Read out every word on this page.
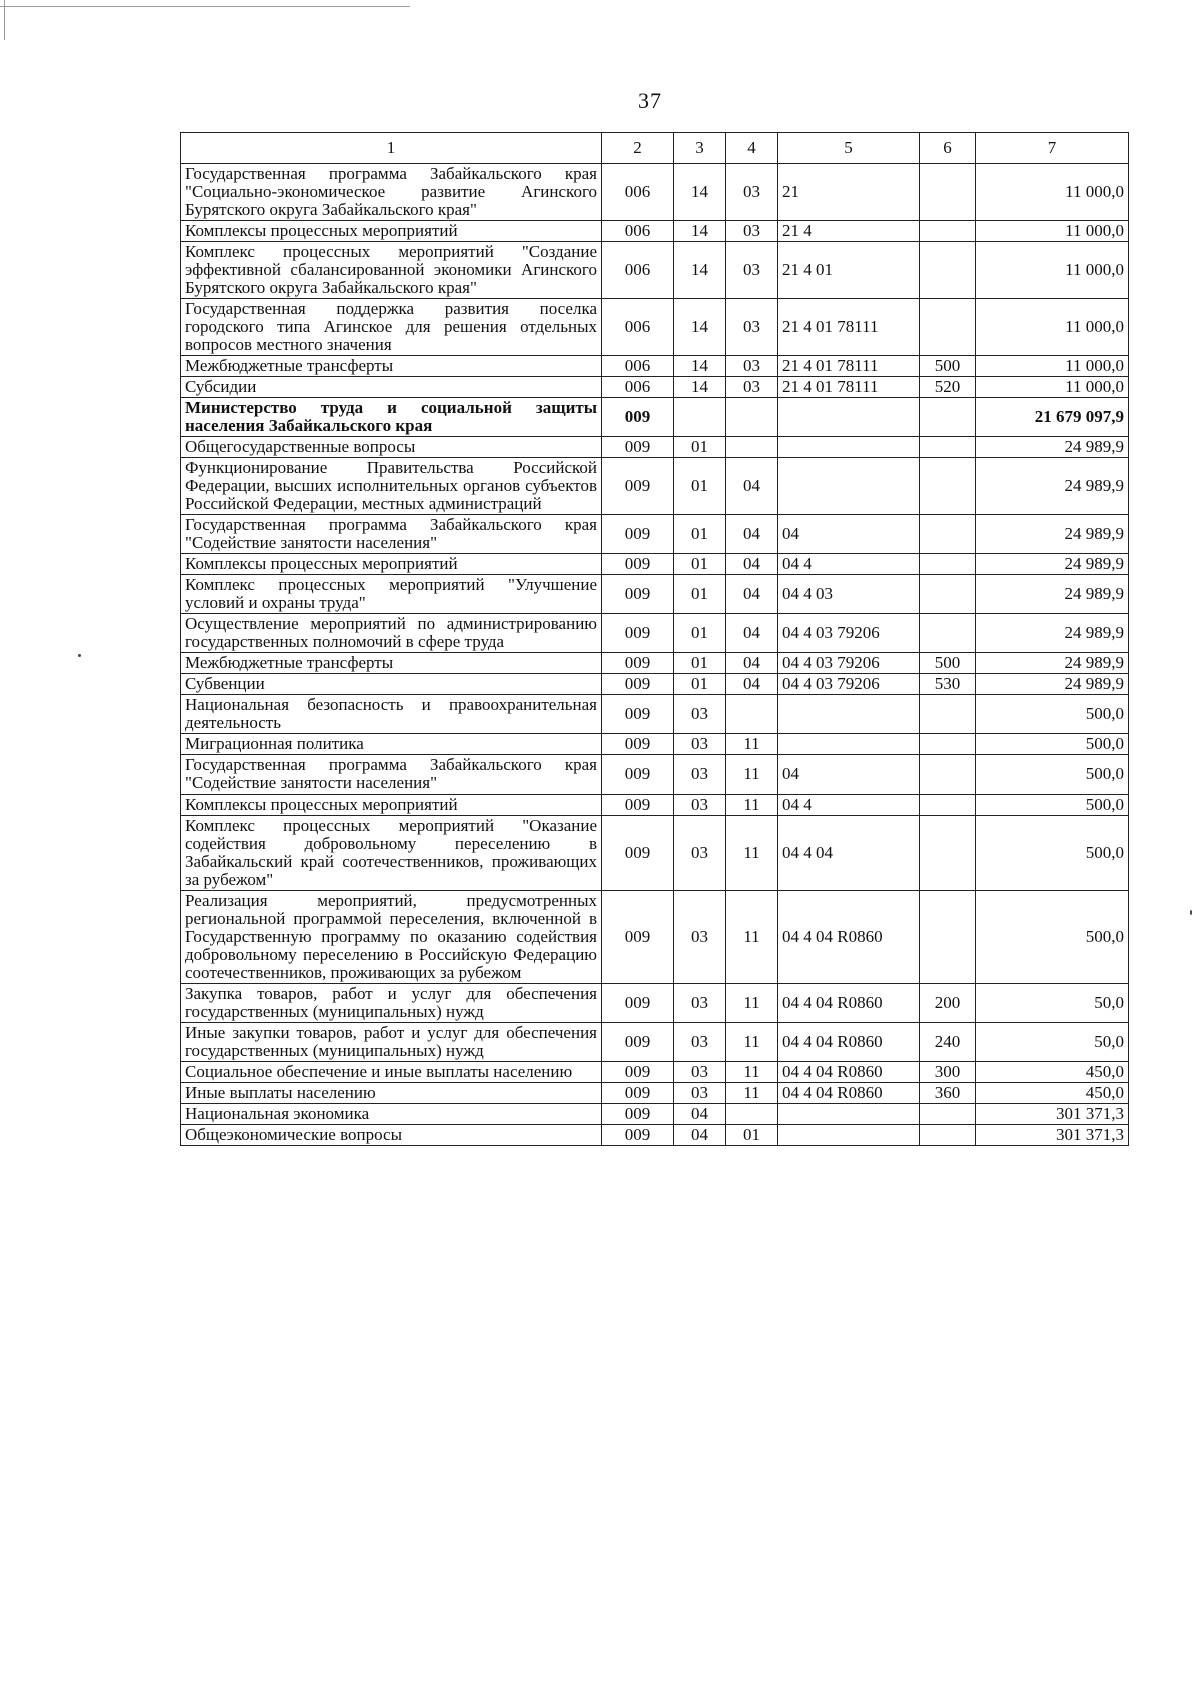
37
1	2	3	4	5	6	7
Государственная программа Забайкальского края "Социально-экономическое развитие Агинского Бурятского округа Забайкальского края"	006	14	03	21		11 000,0
Комплексы процессных мероприятий	006	14	03	21 4		11 000,0
Комплекс процессных мероприятий "Создание эффективной сбалансированной экономики Агинского Бурятского округа Забайкальского края"	006	14	03	21 4 01		11 000,0
Государственная поддержка развития поселка городского типа Агинское для решения отдельных вопросов местного значения	006	14	03	21 4 01 78111		11 000,0
Межбюджетные трансферты	006	14	03	21 4 01 78111	500	11 000,0
Субсидии	006	14	03	21 4 01 78111	520	11 000,0
Министерство труда и социальной защиты населения Забайкальского края	009					21 679 097,9
Общегосударственные вопросы	009	01				24 989,9
Функционирование Правительства Российской Федерации, высших исполнительных органов субъектов Российской Федерации, местных администраций	009	01	04			24 989,9
Государственная программа Забайкальского края "Содействие занятости населения"	009	01	04	04		24 989,9
Комплексы процессных мероприятий	009	01	04	04 4		24 989,9
Комплекс процессных мероприятий "Улучшение условий и охраны труда"	009	01	04	04 4 03		24 989,9
Осуществление мероприятий по администрированию государственных полномочий в сфере труда	009	01	04	04 4 03 79206		24 989,9
Межбюджетные трансферты	009	01	04	04 4 03 79206	500	24 989,9
Субвенции	009	01	04	04 4 03 79206	530	24 989,9
Национальная безопасность и правоохранительная деятельность	009	03				500,0
Миграционная политика	009	03	11			500,0
Государственная программа Забайкальского края "Содействие занятости населения"	009	03	11	04		500,0
Комплексы процессных мероприятий	009	03	11	04 4		500,0
Комплекс процессных мероприятий "Оказание содействия добровольному переселению в Забайкальский край соотечественников, проживающих за рубежом"	009	03	11	04 4 04		500,0
Реализация мероприятий, предусмотренных региональной программой переселения, включенной в Государственную программу по оказанию содействия добровольному переселению в Российскую Федерацию соотечественников, проживающих за рубежом	009	03	11	04 4 04 R0860		500,0
Закупка товаров, работ и услуг для обеспечения государственных (муниципальных) нужд	009	03	11	04 4 04 R0860	200	50,0
Иные закупки товаров, работ и услуг для обеспечения государственных (муниципальных) нужд	009	03	11	04 4 04 R0860	240	50,0
Социальное обеспечение и иные выплаты населению	009	03	11	04 4 04 R0860	300	450,0
Иные выплаты населению	009	03	11	04 4 04 R0860	360	450,0
Национальная экономика	009	04				301 371,3
Общеэкономические вопросы	009	04	01			301 371,3
